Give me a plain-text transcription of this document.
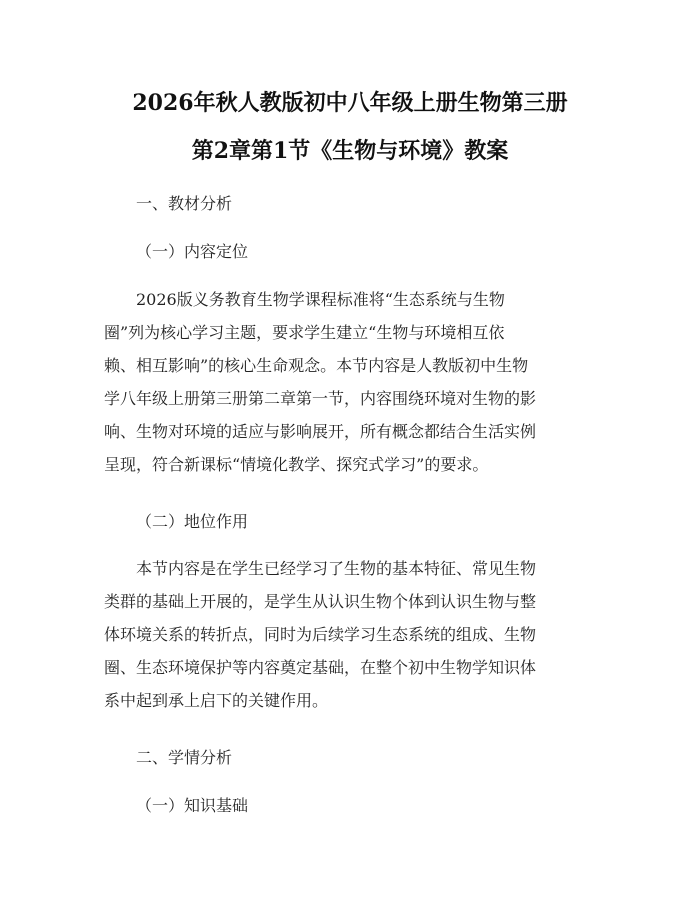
2026年秋人教版初中八年级上册生物第三册
第2章第1节《生物与环境》教案
一、教材分析
（一）内容定位
　　2026版义务教育生物学课程标准将“生态系统与生物
圈”列为核心学习主题，要求学生建立“生物与环境相互依
赖、相互影响”的核心生命观念。本节内容是人教版初中生物
学八年级上册第三册第二章第一节，内容围绕环境对生物的影
响、生物对环境的适应与影响展开，所有概念都结合生活实例
呈现，符合新课标“情境化教学、探究式学习”的要求。
（二）地位作用
　　本节内容是在学生已经学习了生物的基本特征、常见生物
类群的基础上开展的，是学生从认识生物个体到认识生物与整
体环境关系的转折点，同时为后续学习生态系统的组成、生物
圈、生态环境保护等内容奠定基础，在整个初中生物学知识体
系中起到承上启下的关键作用。
二、学情分析
（一）知识基础
